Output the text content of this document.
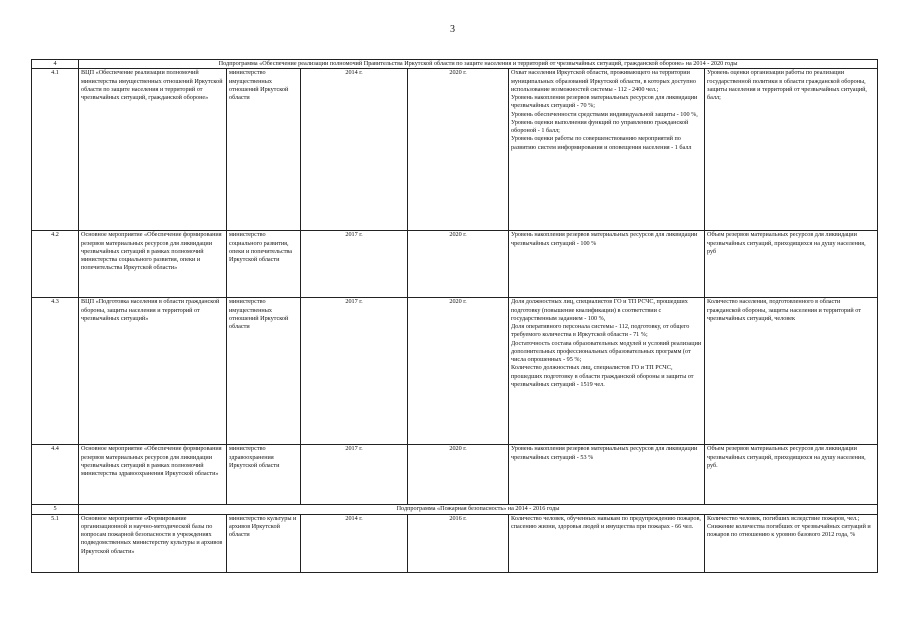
3
4	Подпрограмма «Обеспечение реализации полномочий Правительства Иркутской области по защите населения и территорий от чрезвычайных ситуаций, гражданской обороне» на 2014 - 2020 годы					
4.1	ВЦП «Обеспечение реализации полномочий министерства имущественных отношений Иркутской области по защите населения и территорий от чрезвычайных ситуаций, гражданской обороне»	министерство имущественных отношений Иркутской области	2014 г.	2020 г.	Охват населения Иркутской области, проживающего на территории муниципальных образований Иркутской области, в которых доступно использование возможностей системы - 112 - 2400 чел.;
Уровень накопления резервов материальных ресурсов для ликвидации чрезвычайных ситуаций - 70 %;
Уровень обеспеченности средствами индивидуальной защиты - 100 %,
Уровень оценки выполнения функций по управлению гражданской обороной - 1 балл;
Уровень оценки работы по совершенствованию мероприятий по развитию систем информирования и оповещения населения - 1 балл	Уровень оценки организации работы по реализации государственной политики в области гражданской обороны, защиты населения и территорий от чрезвычайных ситуаций, балл;
4.2	Основное мероприятие «Обеспечение формирования резервов материальных ресурсов для ликвидации чрезвычайных ситуаций в рамках полномочий министерства социального развития, опеки и попечительства Иркутской области»	министерство социального развития, опеки и попечительства Иркутской области	2017 г.	2020 г.	Уровень накопления резервов материальных ресурсов для ликвидации чрезвычайных ситуаций - 100 %	Объем резервов материальных ресурсов для ликвидации чрезвычайных ситуаций, приходящихся на душу населения, руб
4.3	ВЦП «Подготовка населения в области гражданской обороны, защиты населения и территорий от чрезвычайных ситуаций»	министерство имущественных отношений Иркутской области	2017 г.	2020 г.	Доля должностных лиц, специалистов ГО и ТП РСЧС, прошедших подготовку (повышение квалификации) в соответствии с государственным заданием - 100 %,
Доля оперативного персонала системы - 112, подготовку, от общего требуемого количества в Иркутской области - 71 %;
Достаточность состава образовательных модулей и условий реализации дополнительных профессиональных образовательных программ (от числа опрошенных - 95 %;
Количество должностных лиц, специалистов ГО и ТП РСЧС, прошедших подготовку в области гражданской обороны и защиты от чрезвычайных ситуаций - 1519 чел.	Количество населения, подготовленного в области гражданской обороны, защиты населения и территорий от чрезвычайных ситуаций, человек
4.4	Основное мероприятие «Обеспечение формирования резервов материальных ресурсов для ликвидации чрезвычайных ситуаций в рамках полномочий министерства здравоохранения Иркутской области»	министерство здравоохранения Иркутской области	2017 г.	2020 г.	Уровень накопления резервов материальных ресурсов для ликвидации чрезвычайных ситуаций - 53 %	Объем резервов материальных ресурсов для ликвидации чрезвычайных ситуаций, приходящихся на душу населения, руб.
5	Подпрограмма «Пожарная безопасность» на 2014 - 2016 годы					
5.1	Основное мероприятие «Формирование организационной и научно-методической базы по вопросам пожарной безопасности в учреждениях подведомственных министерству культуры и архивов Иркутской области»	министерство культуры и архивов Иркутской области	2014 г.	2016 г.	Количество человек, обученных навыкам по предупреждению пожаров, спасению жизни, здоровья людей и имущества при пожарах - 66 чел.	Количество человек, погибших вследствие пожаров, чел.;
Снижение количества погибших от чрезвычайных ситуаций и пожаров по отношению к уровню базового 2012 года, %
